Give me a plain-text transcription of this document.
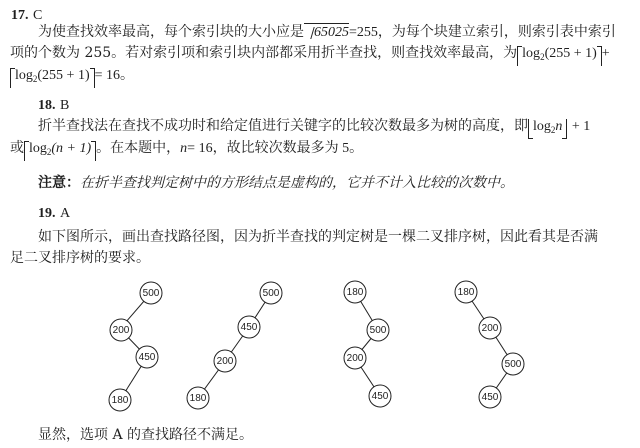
17. C
为使查找效率最高，每个索引块的大小应是 65025=255，为每个块建立索引，则索引表中索引
项的个数为 255。若对索引项和索引块内部都采用折半查找，则查找效率最高，为 $\log_2(255 + 1)$ +
$\log_2(255 + 1) = 16$。
18. B
折半查找法在查找不成功时和给定值进行关键字的比较次数最多为树的高度，即 $\log_2n + 1$
或 $\log_2(n + 1)$ 。在本题中，n= 16，故比较次数最多为 5。
注意：在折半查找判定树中的方形结点是虚构的，它并不计入比较的次数中。
19. A
如下图所示，画出查找路径图，因为折半查找的判定树是一棵二叉排序树，因此看其是否满
足二叉排序树的要求。
500
200
450
180
500
450
200
180
180
500
200
450
180
200
500
450
显然，选项 A 的查找路径不满足。
